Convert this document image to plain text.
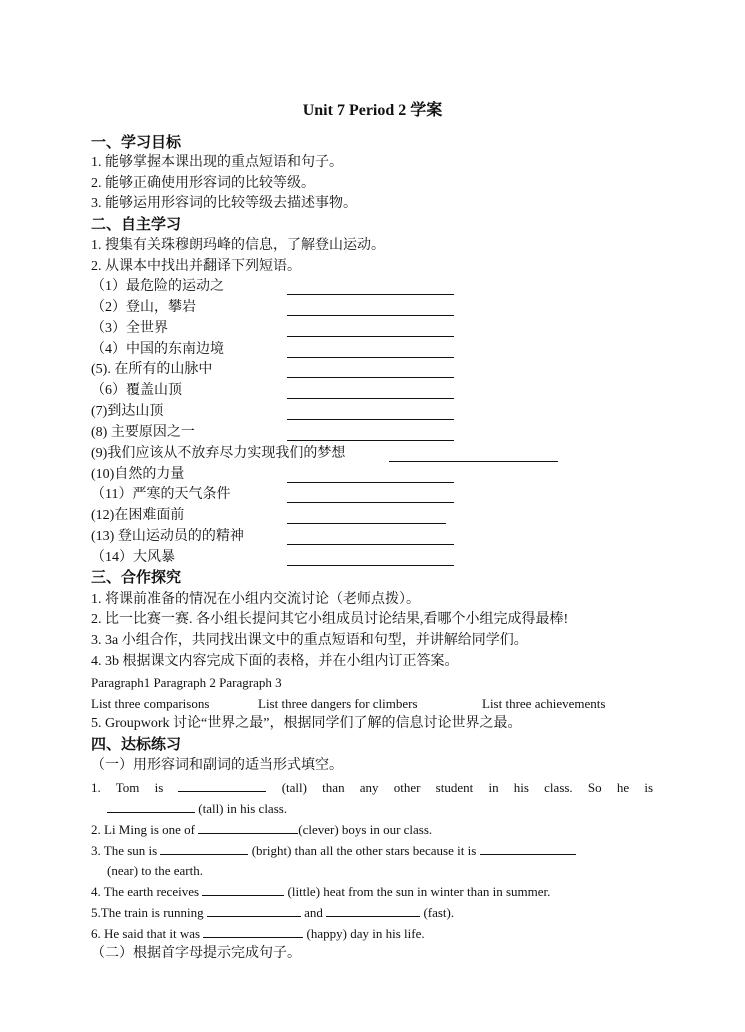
Unit 7 Period 2 学案
一、学习目标
1. 能够掌握本课出现的重点短语和句子。
2. 能够正确使用形容词的比较等级。
3. 能够运用形容词的比较等级去描述事物。
二、自主学习
1. 搜集有关珠穆朗玛峰的信息，了解登山运动。
2. 从课本中找出并翻译下列短语。
（1）最危险的运动之
（2）登山，攀岩
（3）全世界
（4）中国的东南边境
(5). 在所有的山脉中
（6）覆盖山顶
(7)到达山顶
(8) 主要原因之一
(9)我们应该从不放弃尽力实现我们的梦想
(10)自然的力量
（11）严寒的天气条件
(12)在困难面前
(13) 登山运动员的的精神
（14）大风暴
三、合作探究
1. 将课前准备的情况在小组内交流讨论（老师点拨）。
2. 比一比赛一赛. 各小组长提问其它小组成员讨论结果,看哪个小组完成得最棒!
3. 3a 小组合作，共同找出课文中的重点短语和句型，并讲解给同学们。
4. 3b 根据课文内容完成下面的表格，并在小组内订正答案。
Paragraph1 Paragraph 2 Paragraph 3
List three comparisons	List three dangers for climbers	List three achievements
5. Groupwork 讨论“世界之最”，根据同学们了解的信息讨论世界之最。
四、达标练习
（一）用形容词和副词的适当形式填空。
1. Tom is	(tall) than any other student in his class. So he is
(tall) in his class.
2. Li Ming is one of	(clever) boys in our class.
3. The sun is	(bright) than all the other stars because it is
(near) to the earth.
4. The earth receives	(little) heat from the sun in winter than in summer.
5.The train is running	and	(fast).
6. He said that it was	(happy) day in his life.
（二）根据首字母提示完成句子。
